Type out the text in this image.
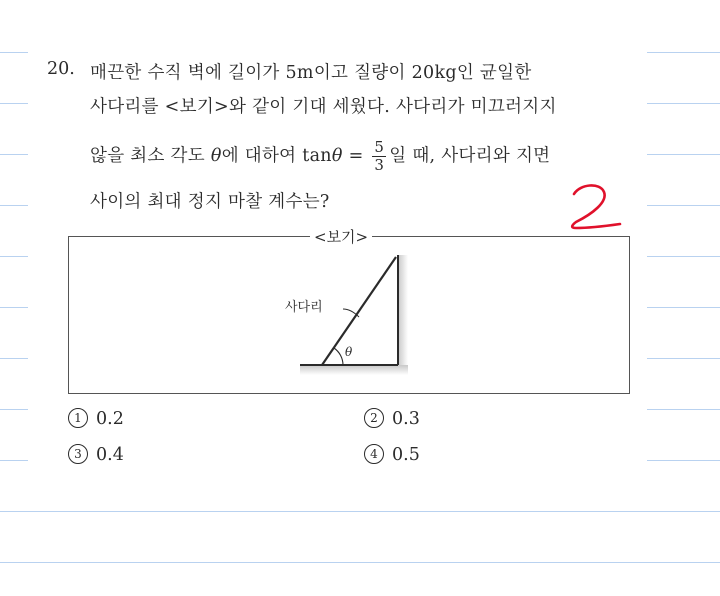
20. 매끈한 수직 벽에 길이가 5m이고 질량이 20kg인 균일한
사다리를 <보기>와 같이 기대 세웠다. 사다리가 미끄러지지
않을 최소 각도 θ에 대하여 $\tan\theta = \frac{5}{3}$ 일 때, 사다리와 지면
사이의 최대 정지 마찰 계수는?
<보기>
θ
사다리
1 0.2	2 0.3
3 0.4	4 0.5
